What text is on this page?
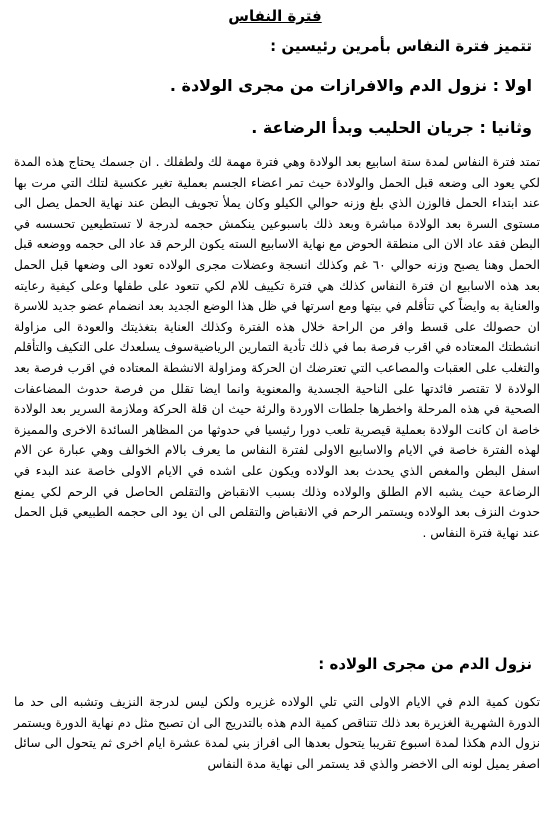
فترة النفاس
تتميز فترة النفاس بأمرين رئيسين :
اولا : نزول الدم والافرازات من مجرى الولادة .
وثانيا : جريان الحليب وبدأ الرضاعة .
تمتد فترة النفاس لمدة ستة اسابيع بعد الولادة وهي فترة مهمة لك ولطفلك . ان جسمك يحتاج هذه المدة لكي يعود الى وضعه قبل الحمل والولادة حيث تمر اعضاء الجسم بعملية تغير عكسية لتلك التي مرت بها عند ابتداء الحمل فالوزن الذي بلغ وزنه حوالي الكيلو وكان يملأ تجويف البطن عند نهاية الحمل يصل الى مستوى السرة بعد الولادة مباشرة وبعد ذلك باسبوعين ينكمش حجمه لدرجة لا تستطيعين تحسسه في البطن فقد عاد الان الى منطقة الحوض مع نهاية الاسابيع السته يكون الرحم قد عاد الى حجمه ووضعه قبل الحمل وهنا يصبح وزنه حوالي ٦٠ غم وكذلك انسجة وعضلات مجرى الولاده تعود الى وضعها قبل الحمل بعد هذه الاسابيع ان فترة النفاس كذلك هي فترة تكييف للام لكي تتعود على طفلها وعلى كيفية رعايته والعناية به وايضاً كي تتأقلم في بيتها ومع اسرتها في ظل هذا الوضع الجديد بعد انضمام عضو جديد للاسرة ان حصولك على قسط وافر من الراحة خلال هذه الفترة وكذلك العناية بتغذيتك والعودة الى مزاولة انشطتك المعتاده في اقرب فرصة بما في ذلك تأدية التمارين الرياضيةسوف يسلعدك على التكيف والتأقلم والتغلب على العقبات والمصاعب التي تعترضك ان الحركة ومزاولة الانشطة المعتاده في اقرب فرصة بعد الولادة لا تقتصر فائدتها على الناحية الجسدية والمعنوية وانما ايضا تقلل من فرصة حدوث المضاعفات الصحية في هذه المرحلة واخطرها جلطات الاوردة والرئة حيث ان قلة الحركة وملازمة السرير بعد الولادة خاصة ان كانت الولادة بعملية قيصرية تلعب دورا رئيسيا في حدوثها من المظاهر السائدة الاخرى والمميزة لهذه الفترة خاصة في الايام والاسابيع الاولى لفترة النفاس ما يعرف بالام الخوالف وهي عبارة عن الام اسفل البطن والمغص الذي يحدث بعد الولاده ويكون على اشده في الايام الاولى خاصة عند البدء في الرضاعة حيث يشبه الام الطلق والولاده وذلك بسبب الانقباض والتقلص الحاصل في الرحم لكي يمنع حدوث النزف بعد الولاده ويستمر الرحم في الانقباض والتقلص الى ان يود الى حجمه الطبيعي قبل الحمل عند نهاية فترة النفاس .
نزول الدم من مجرى الولاده :
تكون كمية الدم في الايام الاولى التي تلي الولاده غزيره ولكن ليس لدرجة النزيف وتشبه الى حد ما الدورة الشهرية الغزيرة بعد ذلك تتناقص كمية الدم هذه بالتدريج الى ان تصبح مثل دم نهاية الدورة ويستمر نزول الدم هكذا لمدة اسبوع تقريبا يتحول بعدها الى افراز بني لمدة عشرة ايام اخرى ثم يتحول الى سائل اصفر يميل لونه الى الاخضر والذي قد يستمر الى نهاية مدة النفاس
